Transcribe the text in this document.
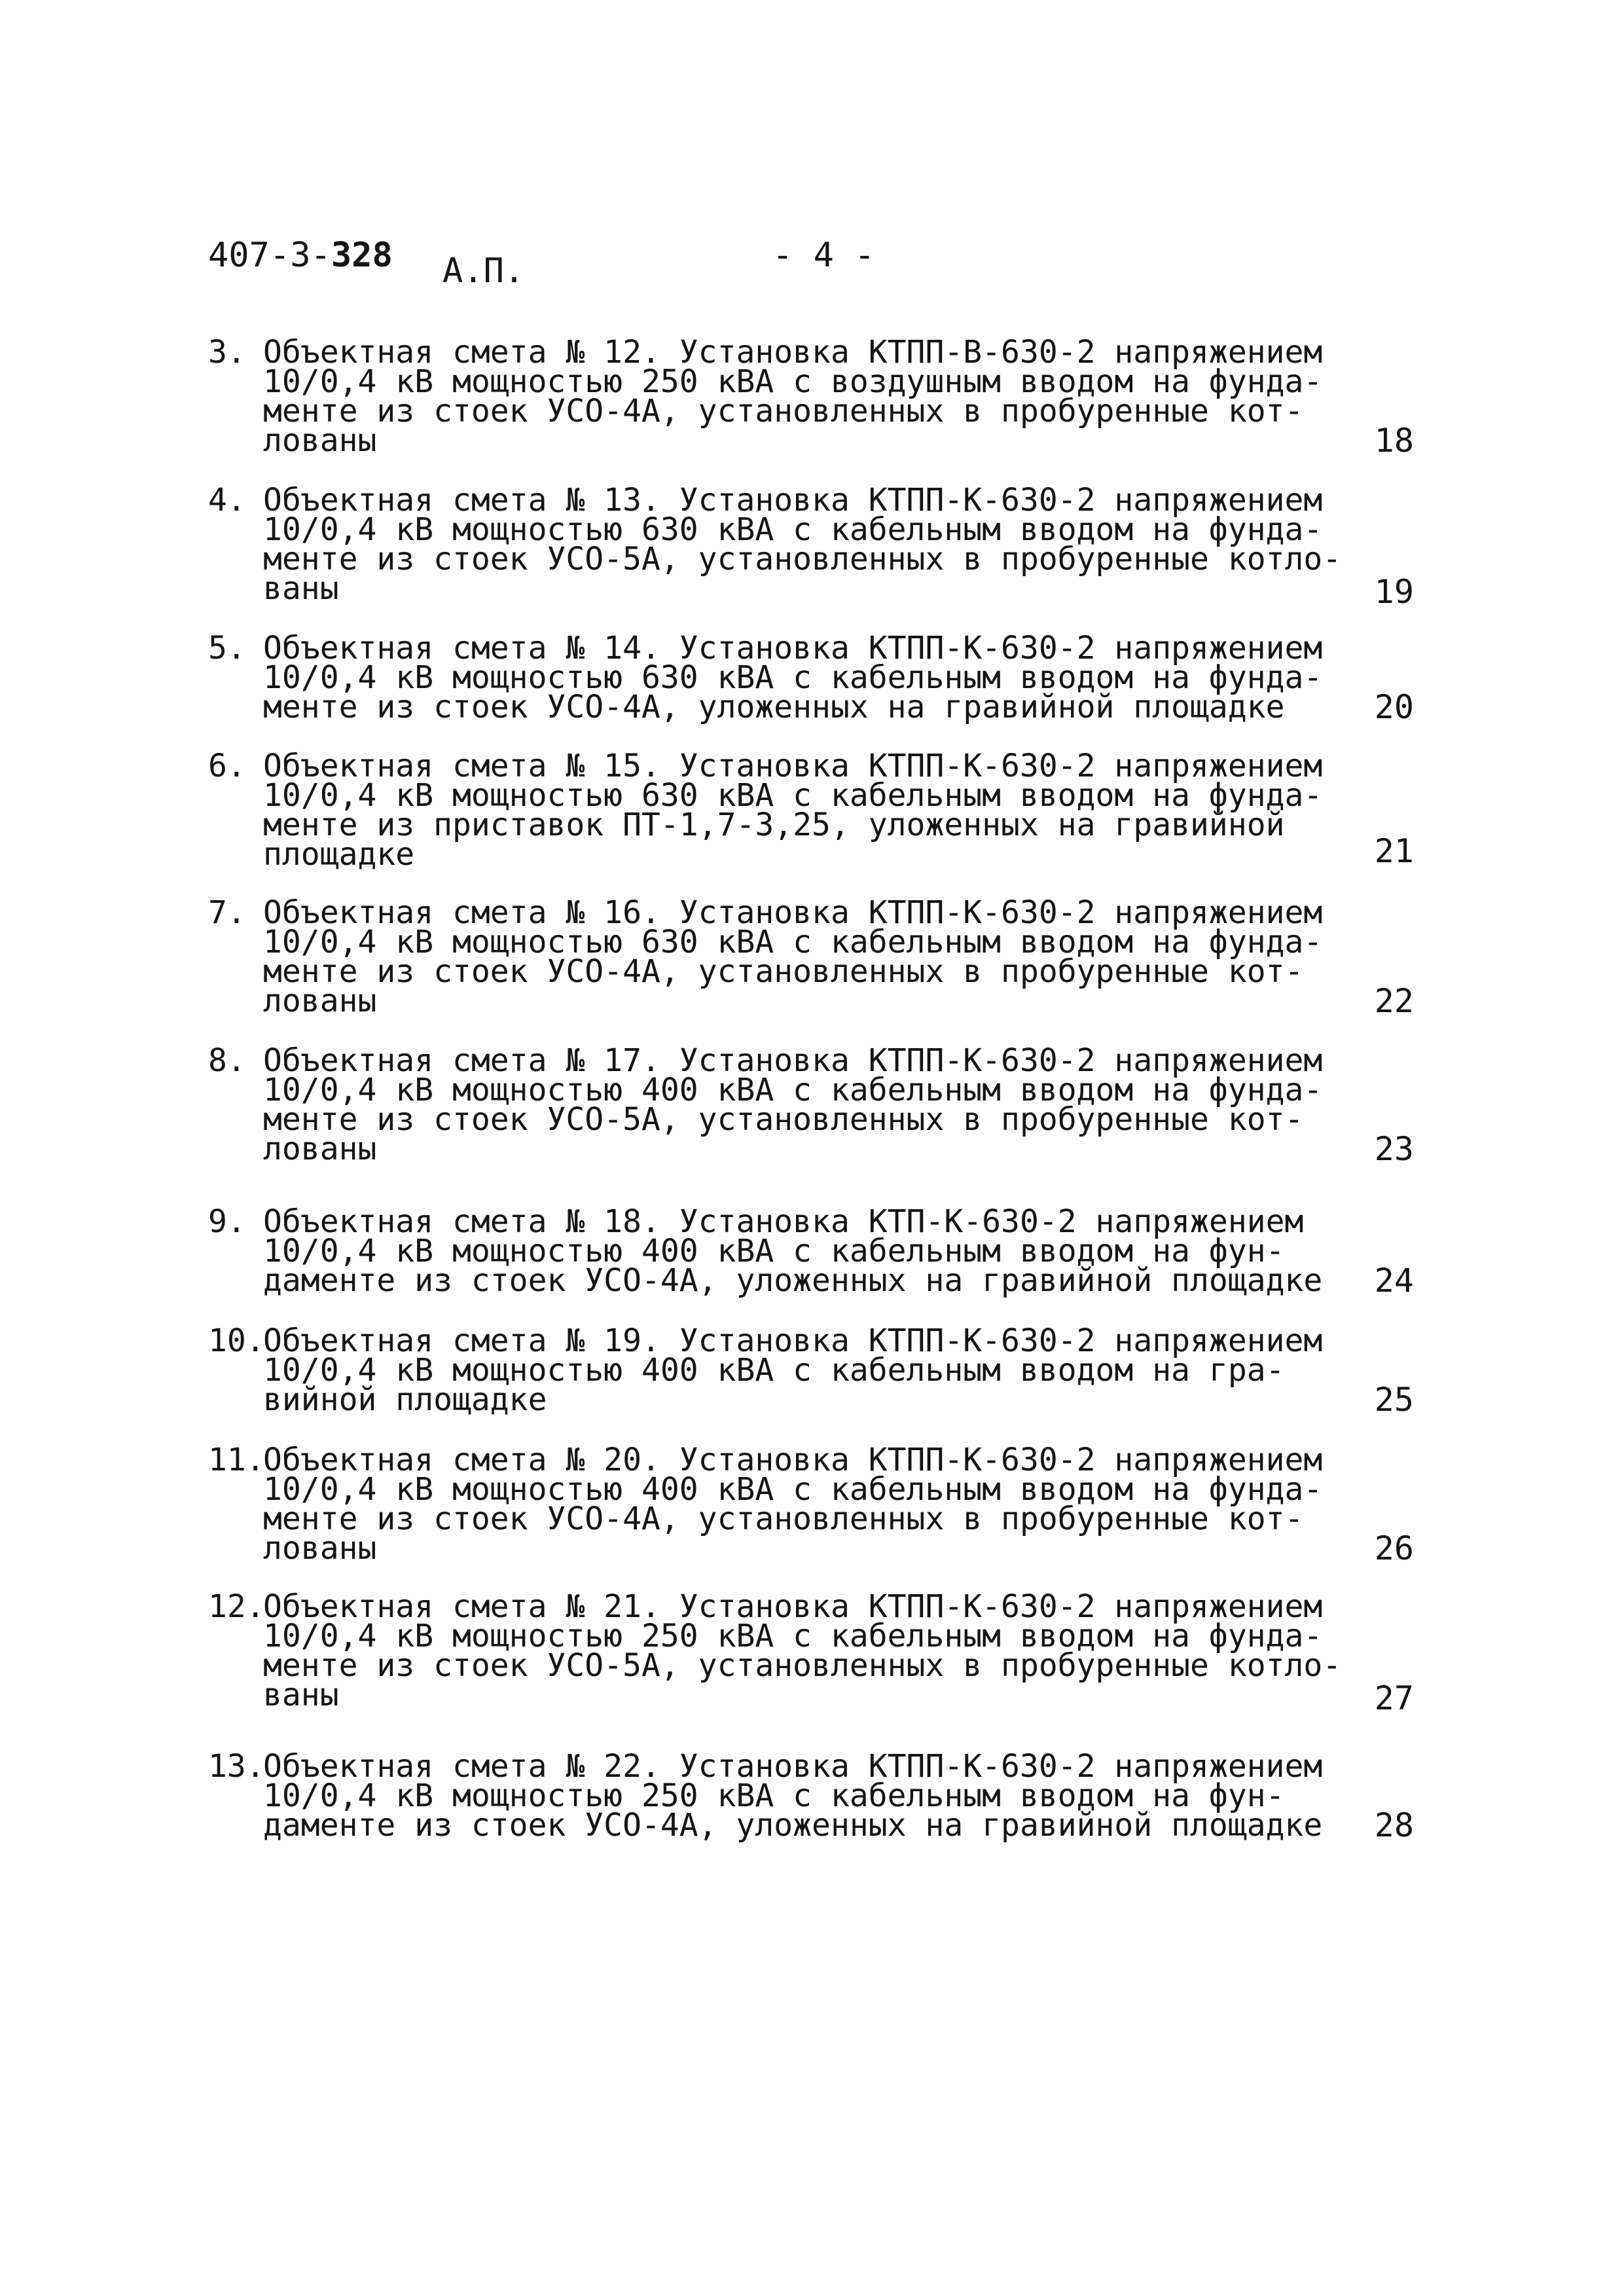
407-3-328 А.П.	- 4 -
3. Объектная смета № 12. Установка КТПП-В-630-2 напряжением
10/0,4 кВ мощностью 250 кВА с воздушным вводом на фунда-
менте из стоек УСО-4А, установленных в пробуренные кот-
лованы	18
4. Объектная смета № 13. Установка КТПП-К-630-2 напряжением
10/0,4 кВ мощностью 630 кВА с кабельным вводом на фунда-
менте из стоек УСО-5А, установленных в пробуренные котло-
ваны	19
5. Объектная смета № 14. Установка КТПП-К-630-2 напряжением
10/0,4 кВ мощностью 630 кВА с кабельным вводом на фунда-
менте из стоек УСО-4А, уложенных на гравийной площадке	20
6. Объектная смета № 15. Установка КТПП-К-630-2 напряжением
10/0,4 кВ мощностью 630 кВА с кабельным вводом на фунда-
менте из приставок ПТ-1,7-3,25, уложенных на гравийной
площадке	21
7. Объектная смета № 16. Установка КТПП-К-630-2 напряжением
10/0,4 кВ мощностью 630 кВА с кабельным вводом на фунда-
менте из стоек УСО-4А, установленных в пробуренные кот-
лованы	22
8. Объектная смета № 17. Установка КТПП-К-630-2 напряжением
10/0,4 кВ мощностью 400 кВА с кабельным вводом на фунда-
менте из стоек УСО-5А, установленных в пробуренные кот-
лованы	23
9. Объектная смета № 18. Установка КТП-К-630-2 напряжением
10/0,4 кВ мощностью 400 кВА с кабельным вводом на фун-
даменте из стоек УСО-4А, уложенных на гравийной площадке	24
10.
Объектная смета № 19. Установка КТПП-К-630-2 напряжением
10/0,4 кВ мощностью 400 кВА с кабельным вводом на гра-
вийной площадке	25
11.
Объектная смета № 20. Установка КТПП-К-630-2 напряжением
10/0,4 кВ мощностью 400 кВА с кабельным вводом на фунда-
менте из стоек УСО-4А, установленных в пробуренные кот-
лованы	26
12.
Объектная смета № 21. Установка КТПП-К-630-2 напряжением
10/0,4 кВ мощностью 250 кВА с кабельным вводом на фунда-
менте из стоек УСО-5А, установленных в пробуренные котло-
ваны	27
13.
Объектная смета № 22. Установка КТПП-К-630-2 напряжением
10/0,4 кВ мощностью 250 кВА с кабельным вводом на фун-
даменте из стоек УСО-4А, уложенных на гравийной площадке	28
